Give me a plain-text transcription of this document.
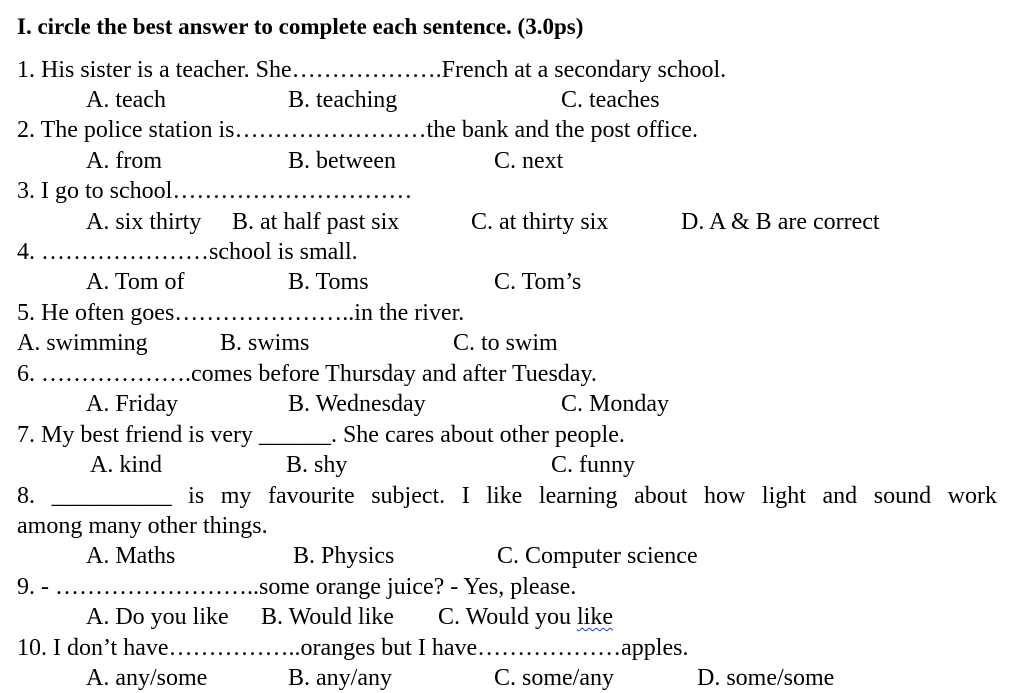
I. circle the best answer to complete each sentence. (3.0ps)
1. His sister is a teacher. She……………….French at a secondary school.
A. teach	B. teaching	C. teaches
2. The police station is……………………the bank and the post office.
A. from	B. between	C. next
3. I go to school…………………………
A. six thirty B. at half past six	C. at thirty six	D. A & B are correct
4. …………………school is small.
A. Tom of	B. Toms	C. Tom’s
5. He often goes…………………..in the river.
A. swimming	B. swims	C. to swim
6. ……………….comes before Thursday and after Tuesday.
A. Friday	B. Wednesday	C. Monday
7. My best friend is very ______. She cares about other people.
A. kind	B. shy	C. funny
8. __________ is my favourite subject. I like learning about how light and sound work
among many other things.
A. Maths	B. Physics	C. Computer science
9. - ……………………..some orange juice? - Yes, please.
A. Do you like B. Would like C. Would you like
10. I don’t have……………..oranges but I have………………apples.
A. any/some	B. any/any	C. some/any	D. some/some
